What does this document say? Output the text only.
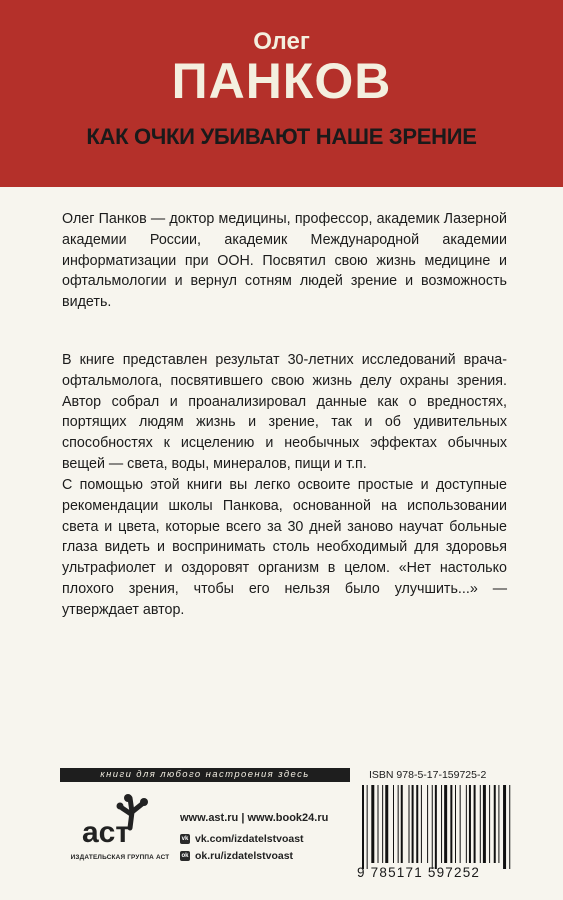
Олег
ПАНКОВ
КАК ОЧКИ УБИВАЮТ НАШЕ ЗРЕНИЕ
Олег Панков — доктор медицины, профессор, академик Лазерной академии России, академик Международной академии информатизации при ООН. Посвятил свою жизнь медицине и офтальмологии и вернул сотням людей зрение и возможность видеть.
В книге представлен результат 30-летних исследований врача-офтальмолога, посвятившего свою жизнь делу охраны зрения. Автор собрал и проанализировал данные как о вредностях, портящих людям жизнь и зрение, так и об удивительных способностях к исцелению и необычных эффектах обычных вещей — света, воды, минералов, пищи и т.п.
С помощью этой книги вы легко освоите простые и доступные рекомендации школы Панкова, основанной на использовании света и цвета, которые всего за 30 дней заново научат больные глаза видеть и воспринимать столь необходимый для здоровья ультрафиолет и оздоровят организм в целом. «Нет настолько плохого зрения, чтобы его нельзя было улучшить...» — утверждает автор.
книги для любого настроения здесь
аст
ИЗДАТЕЛЬСКАЯ ГРУППА АСТ
www.ast.ru | www.book24.ru
vk vk.com/izdatelstvoast
ok ok.ru/izdatelstvoast
ISBN 978-5-17-159725-2
9 785171 597252
